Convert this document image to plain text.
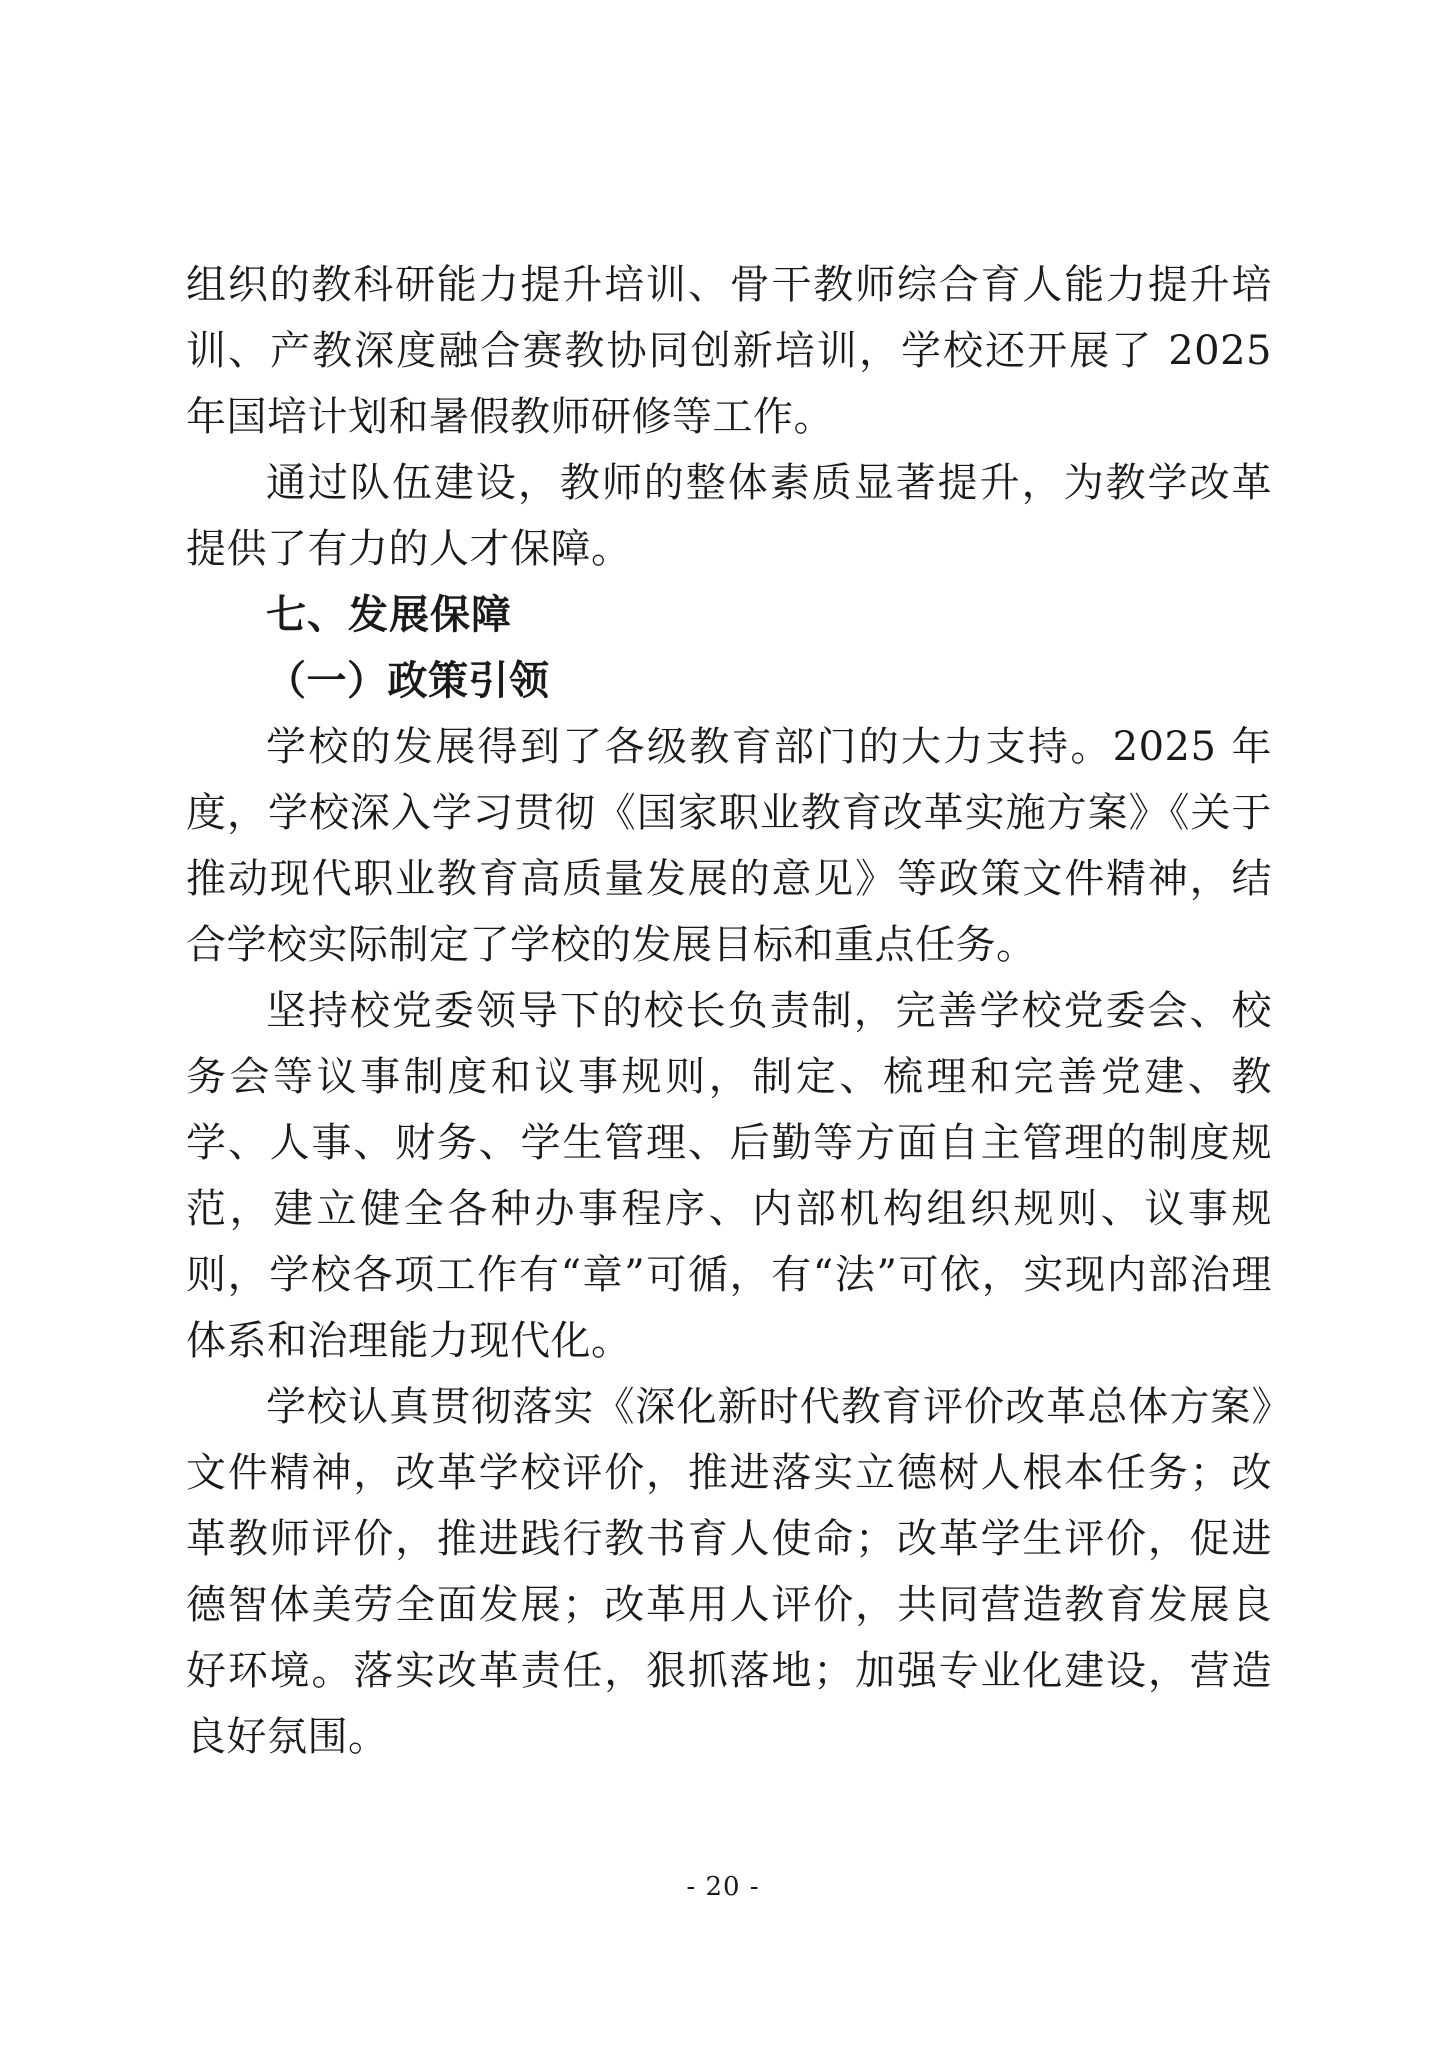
组织的教科研能力提升培训、骨干教师综合育人能力提升培训、产教深度融合赛教协同创新培训，学校还开展了 2025 年国培计划和暑假教师研修等工作。

通过队伍建设，教师的整体素质显著提升，为教学改革提供了有力的人才保障。

七、发展保障

（一）政策引领

学校的发展得到了各级教育部门的大力支持。2025 年度，学校深入学习贯彻《国家职业教育改革实施方案》《关于推动现代职业教育高质量发展的意见》等政策文件精神，结合学校实际制定了学校的发展目标和重点任务。

坚持校党委领导下的校长负责制，完善学校党委会、校务会等议事制度和议事规则，制定、梳理和完善党建、教学、人事、财务、学生管理、后勤等方面自主管理的制度规范，建立健全各种办事程序、内部机构组织规则、议事规则，学校各项工作有“章”可循，有“法”可依，实现内部治理体系和治理能力现代化。

学校认真贯彻落实《深化新时代教育评价改革总体方案》文件精神，改革学校评价，推进落实立德树人根本任务；改革教师评价，推进践行教书育人使命；改革学生评价，促进德智体美劳全面发展；改革用人评价，共同营造教育发展良好环境。落实改革责任，狠抓落地；加强专业化建设，营造良好氛围。

- 20 -
